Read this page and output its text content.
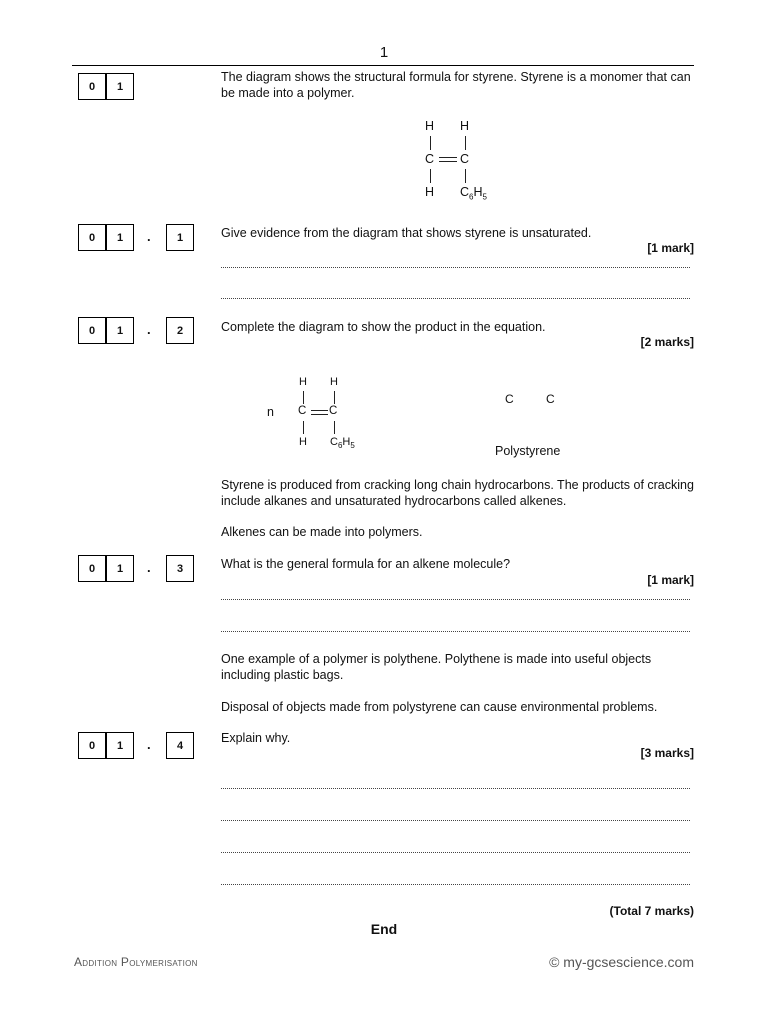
1
0	1
The diagram shows the structural formula for styrene. Styrene is a monomer that can be made into a polymer.
H H
C C
H $C_6H_5$
0	1	.	1	Give evidence from the diagram that shows styrene is unsaturated.
[1 mark]
0	1	.	2	Complete the diagram to show the product in the equation.
[2 marks]
n
H H
C C
H $C_6H_5$
C	C
Polystyrene
Styrene is produced from cracking long chain hydrocarbons. The products of cracking include alkanes and unsaturated hydrocarbons called alkenes.
Alkenes can be made into polymers.
0	1	.	3	What is the general formula for an alkene molecule?
[1 mark]
One example of a polymer is polythene. Polythene is made into useful objects including plastic bags.
Disposal of objects made from polystyrene can cause environmental problems.
0	1	.	4
Explain why.
[3 marks]
(Total 7 marks)
End
Addition Polymerisation	© my-gcsescience.com
